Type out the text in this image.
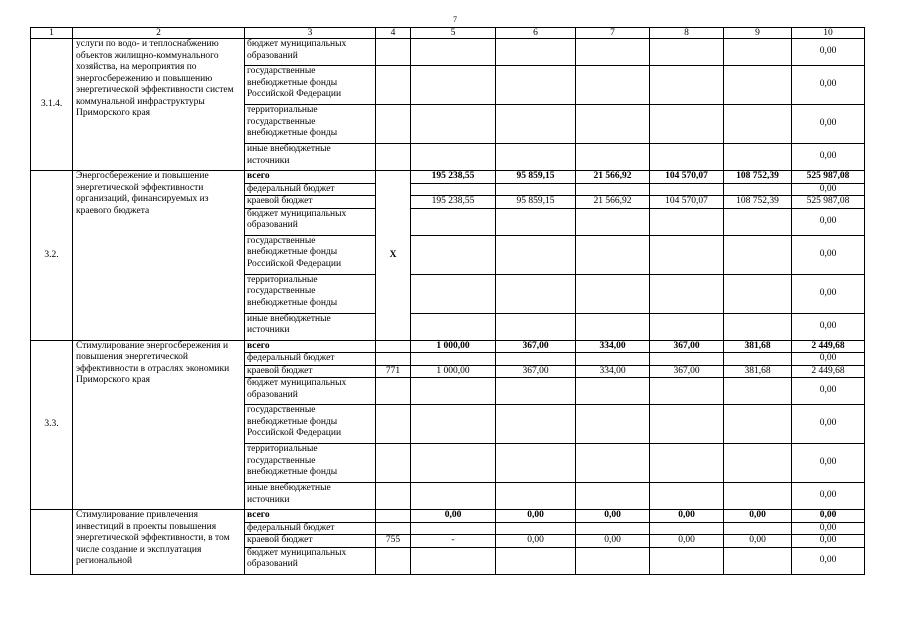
7
1	2	3	4	5	6	7	8	9	10
3.1.4.	услуги по водо- и теплоснабжению объектов жилищно-коммунального хозяйства, на мероприятия по энергосбережению и повышению энергетической эффективности систем коммунальной инфраструктуры Приморского края	бюджет муниципальных образований							0,00
		государственные внебюджетные фонды Российской Федерации							0,00
		территориальные государственные внебюджетные фонды							0,00
		иные внебюджетные источники							0,00
3.2.	Энергосбережение и повышение энергетической эффективности организаций, финансируемых из краевого бюджета	всего	Х	195 238,55	95 859,15	21 566,92	104 570,07	108 752,39	525 987,08
		федеральный бюджет							0,00
		краевой бюджет		195 238,55	95 859,15	21 566,92	104 570,07	108 752,39	525 987,08
		бюджет муниципальных образований							0,00
		государственные внебюджетные фонды Российской Федерации							0,00
		территориальные государственные внебюджетные фонды							0,00
		иные внебюджетные источники							0,00
3.3.	Стимулирование энергосбережения и повышения энергетической эффективности в отраслях экономики Приморского края	всего		1 000,00	367,00	334,00	367,00	381,68	2 449,68
		федеральный бюджет							0,00
		краевой бюджет	771	1 000,00	367,00	334,00	367,00	381,68	2 449,68
		бюджет муниципальных образований							0,00
		государственные внебюджетные фонды Российской Федерации							0,00
		территориальные государственные внебюджетные фонды							0,00
		иные внебюджетные источники							0,00
	Стимулирование привлечения инвестиций в проекты повышения энергетической эффективности, в том числе создание и эксплуатация региональной	всего		0,00	0,00	0,00	0,00	0,00	0,00
		федеральный бюджет							0,00
		краевой бюджет	755	-	0,00	0,00	0,00	0,00	0,00
		бюджет муниципальных образований							0,00
